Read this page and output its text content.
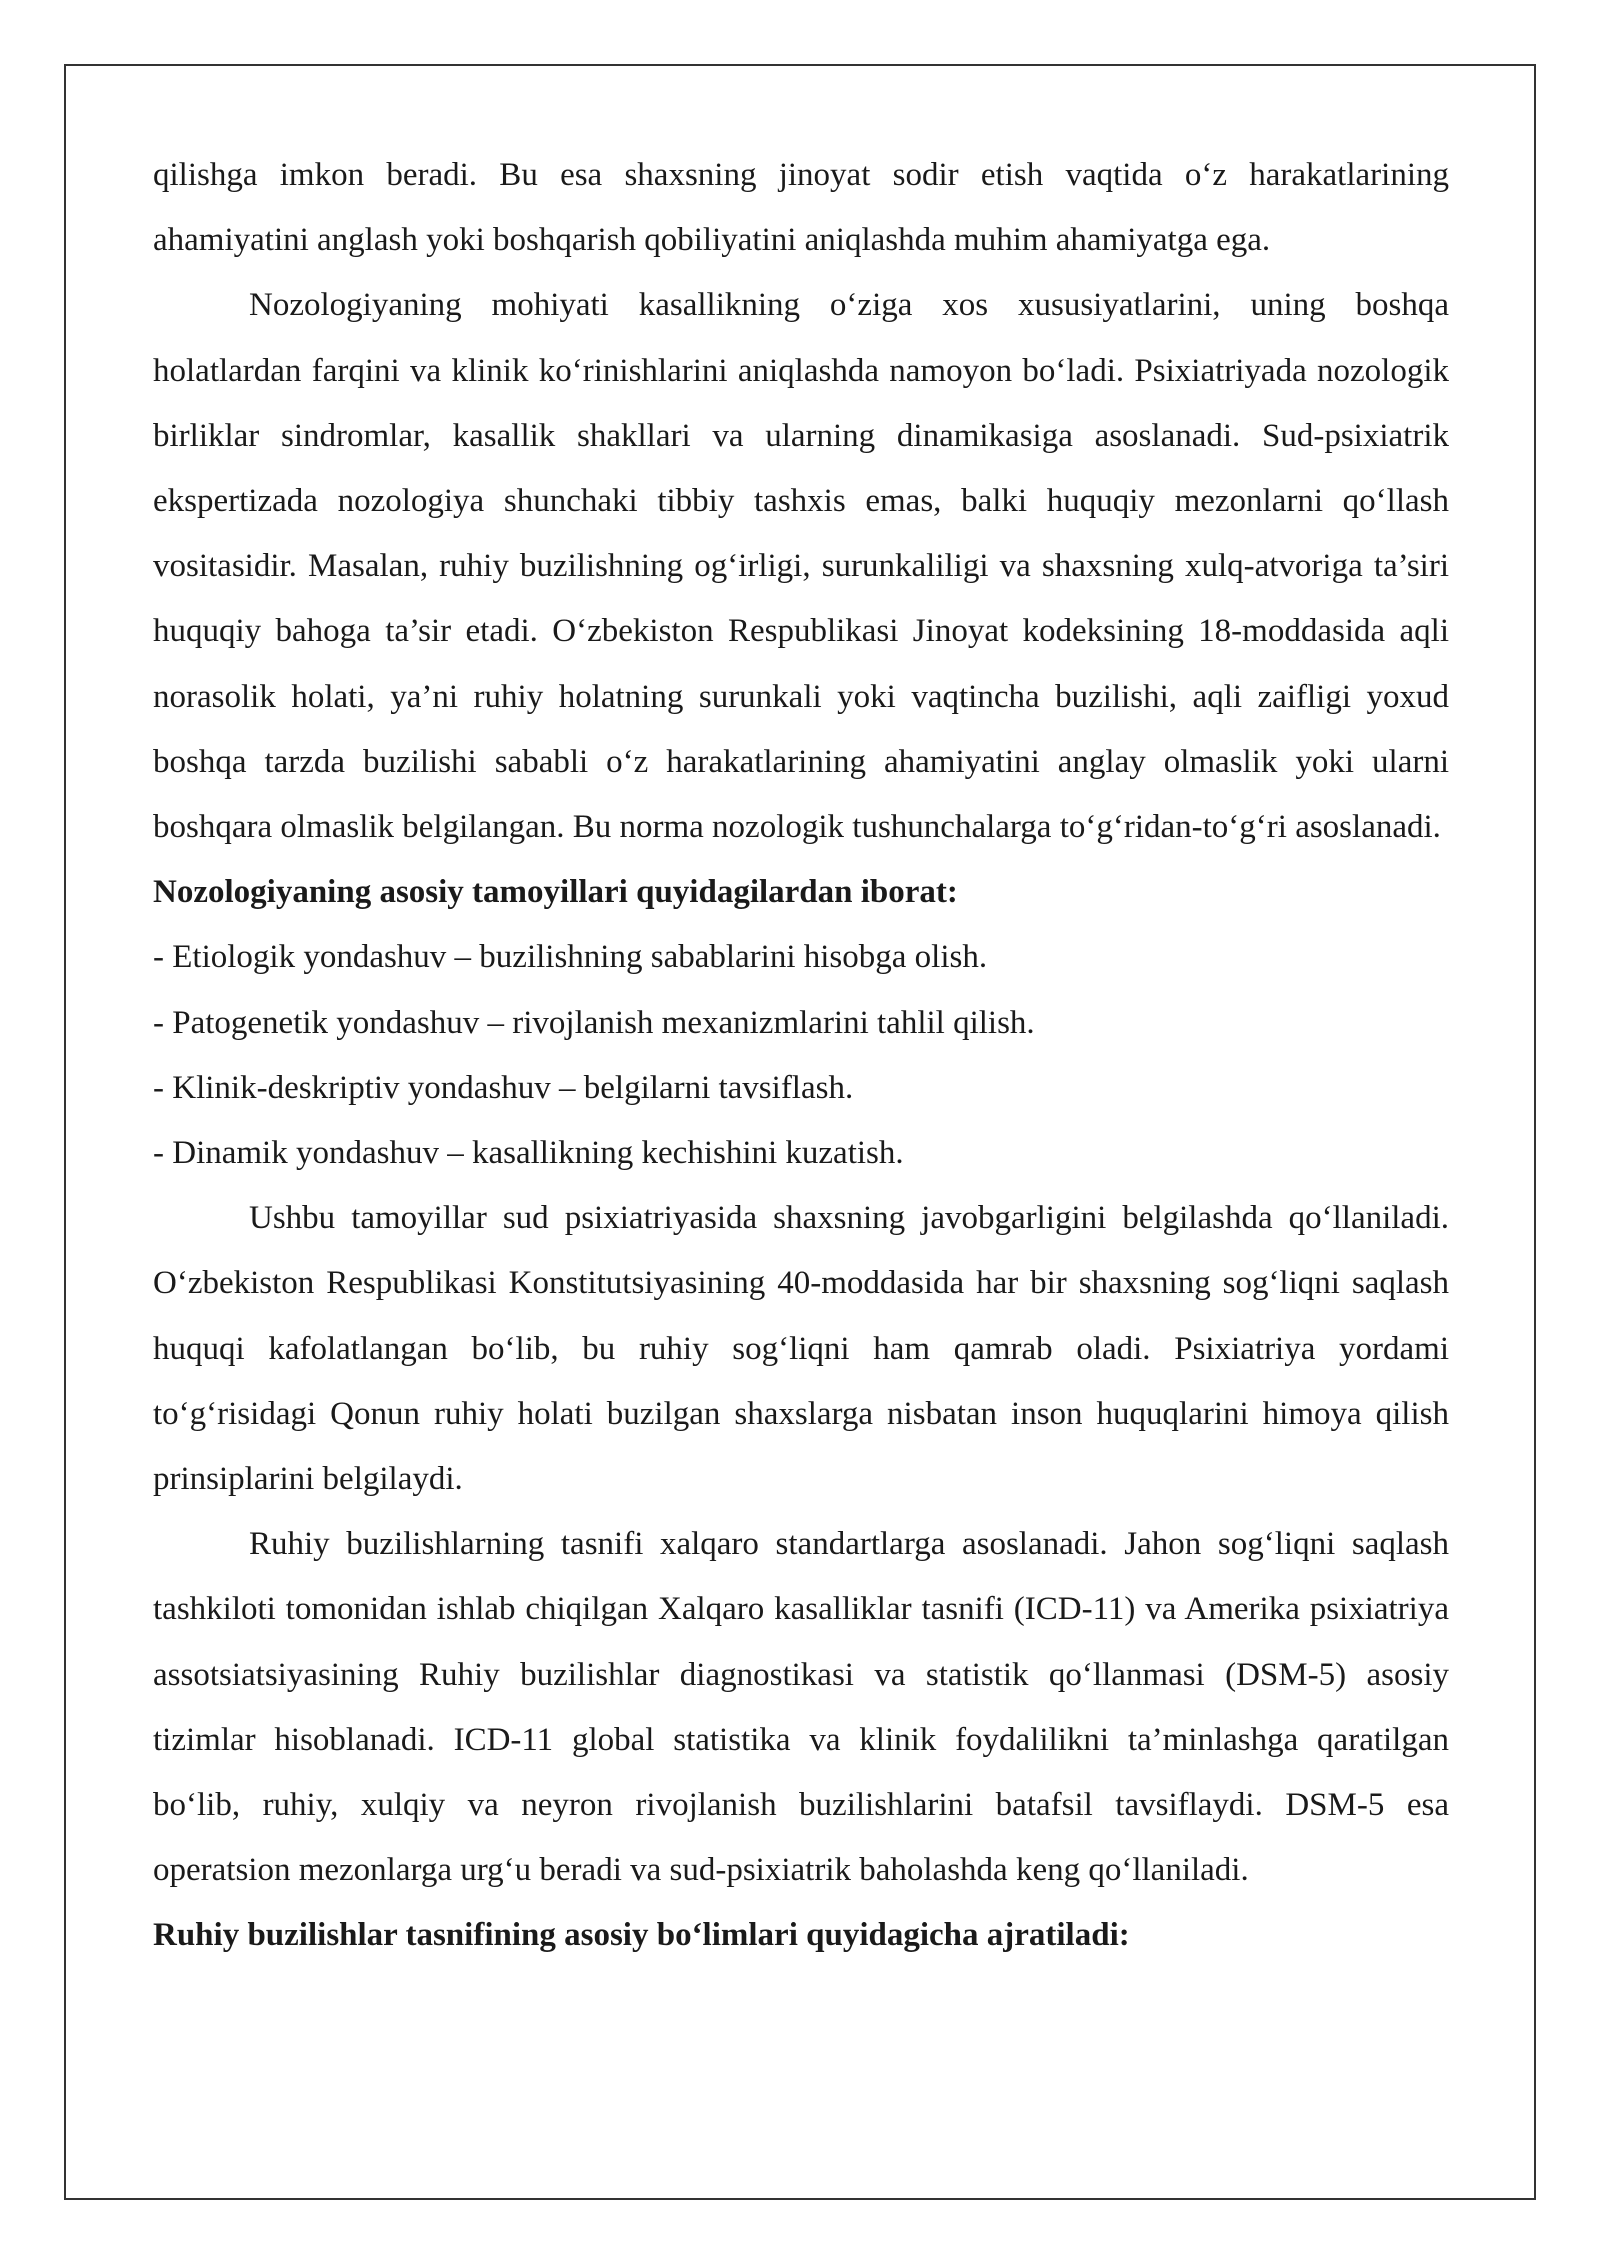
qilishga imkon beradi. Bu esa shaxsning jinoyat sodir etish vaqtida o‘z harakatlarining ahamiyatini anglash yoki boshqarish qobiliyatini aniqlashda muhim ahamiyatga ega.

Nozologiyaning mohiyati kasallikning o‘ziga xos xususiyatlarini, uning boshqa holatlardan farqini va klinik ko‘rinishlarini aniqlashda namoyon bo‘ladi. Psixiatriyada nozologik birliklar sindromlar, kasallik shakllari va ularning dinamikasiga asoslanadi. Sud-psixiatrik ekspertizada nozologiya shunchaki tibbiy tashxis emas, balki huquqiy mezonlarni qo‘llash vositasidir. Masalan, ruhiy buzilishning og‘irligi, surunkaliligi va shaxsning xulq-atvoriga ta’siri huquqiy bahoga ta’sir etadi. O‘zbekiston Respublikasi Jinoyat kodeksining 18-moddasida aqli norasolik holati, ya’ni ruhiy holatning surunkali yoki vaqtincha buzilishi, aqli zaifligi yoxud boshqa tarzda buzilishi sababli o‘z harakatlarining ahamiyatini anglay olmaslik yoki ularni boshqara olmaslik belgilangan. Bu norma nozologik tushunchalarga to‘g‘ridan-to‘g‘ri asoslanadi.

Nozologiyaning asosiy tamoyillari quyidagilardan iborat:

- Etiologik yondashuv – buzilishning sabablarini hisobga olish.

- Patogenetik yondashuv – rivojlanish mexanizmlarini tahlil qilish.

- Klinik-deskriptiv yondashuv – belgilarni tavsiflash.

- Dinamik yondashuv – kasallikning kechishini kuzatish.

Ushbu tamoyillar sud psixiatriyasida shaxsning javobgarligini belgilashda qo‘llaniladi. O‘zbekiston Respublikasi Konstitutsiyasining 40-moddasida har bir shaxsning sog‘liqni saqlash huquqi kafolatlangan bo‘lib, bu ruhiy sog‘liqni ham qamrab oladi. Psixiatriya yordami to‘g‘risidagi Qonun ruhiy holati buzilgan shaxslarga nisbatan inson huquqlarini himoya qilish prinsiplarini belgilaydi.

Ruhiy buzilishlarning tasnifi xalqaro standartlarga asoslanadi. Jahon sog‘liqni saqlash tashkiloti tomonidan ishlab chiqilgan Xalqaro kasalliklar tasnifi (ICD-11) va Amerika psixiatriya assotsiatsiyasining Ruhiy buzilishlar diagnostikasi va statistik qo‘llanmasi (DSM-5) asosiy tizimlar hisoblanadi. ICD-11 global statistika va klinik foydalilikni ta’minlashga qaratilgan bo‘lib, ruhiy, xulqiy va neyron rivojlanish buzilishlarini batafsil tavsiflaydi. DSM-5 esa operatsion mezonlarga urg‘u beradi va sud-psixiatrik baholashda keng qo‘llaniladi.

Ruhiy buzilishlar tasnifining asosiy bo‘limlari quyidagicha ajratiladi:
